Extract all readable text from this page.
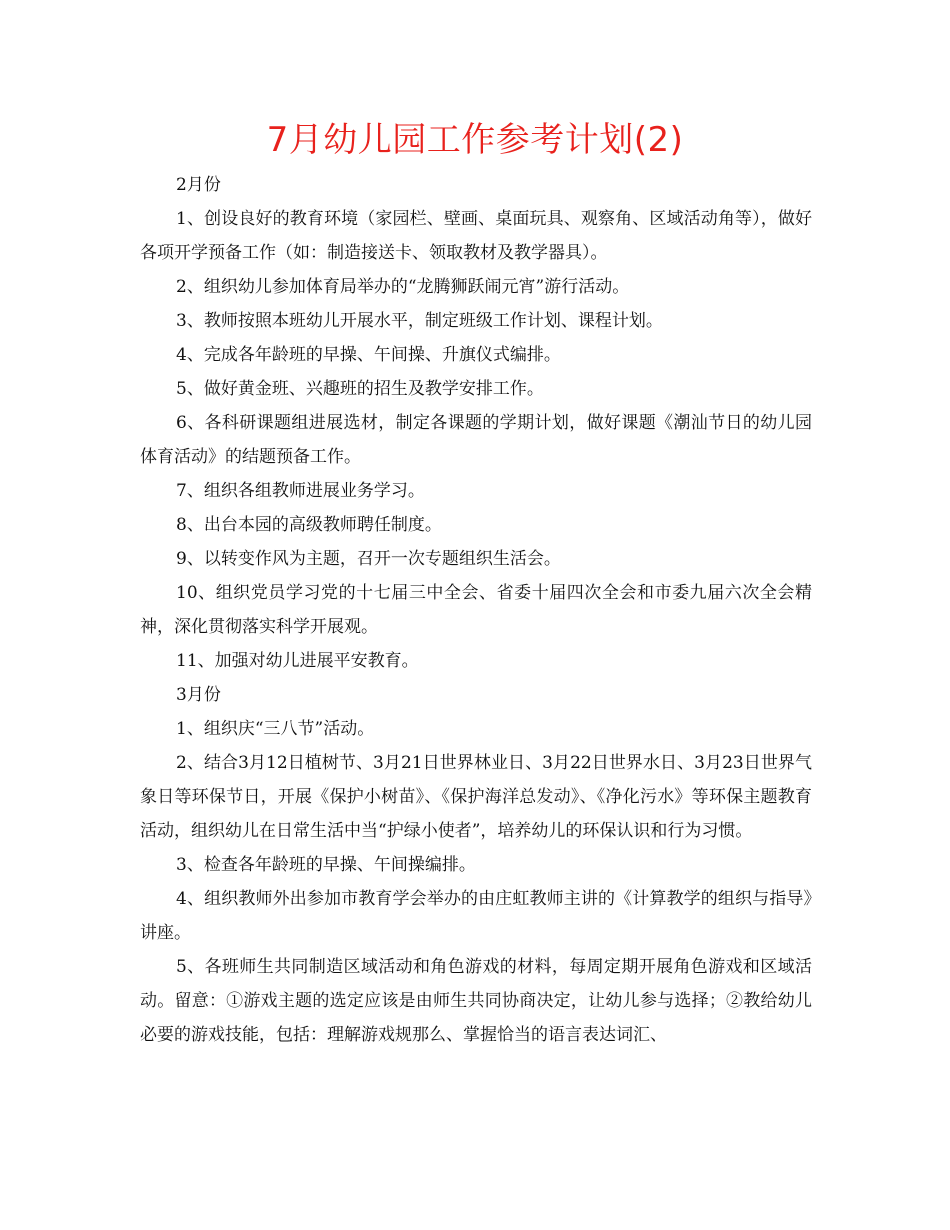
7月幼儿园工作参考计划(2)

2月份

1、创设良好的教育环境（家园栏、壁画、桌面玩具、观察角、区域活动角等），做好各项开学预备工作（如：制造接送卡、领取教材及教学器具）。

2、组织幼儿参加体育局举办的“龙腾狮跃闹元宵”游行活动。

3、教师按照本班幼儿开展水平，制定班级工作计划、课程计划。

4、完成各年龄班的早操、午间操、升旗仪式编排。

5、做好黄金班、兴趣班的招生及教学安排工作。

6、各科研课题组进展选材，制定各课题的学期计划，做好课题《潮汕节日的幼儿园体育活动》的结题预备工作。

7、组织各组教师进展业务学习。

8、出台本园的高级教师聘任制度。

9、以转变作风为主题，召开一次专题组织生活会。

10、组织党员学习党的十七届三中全会、省委十届四次全会和市委九届六次全会精神，深化贯彻落实科学开展观。

11、加强对幼儿进展平安教育。

3月份

1、组织庆“三八节”活动。

2、结合3月12日植树节、3月21日世界林业日、3月22日世界水日、3月23日世界气象日等环保节日，开展《保护小树苗》、《保护海洋总发动》、《净化污水》等环保主题教育活动，组织幼儿在日常生活中当“护绿小使者”，培养幼儿的环保认识和行为习惯。

3、检查各年龄班的早操、午间操编排。

4、组织教师外出参加市教育学会举办的由庄虹教师主讲的《计算教学的组织与指导》讲座。

5、各班师生共同制造区域活动和角色游戏的材料，每周定期开展角色游戏和区域活动。留意：①游戏主题的选定应该是由师生共同协商决定，让幼儿参与选择；②教给幼儿必要的游戏技能，包括：理解游戏规那么、掌握恰当的语言表达词汇、
